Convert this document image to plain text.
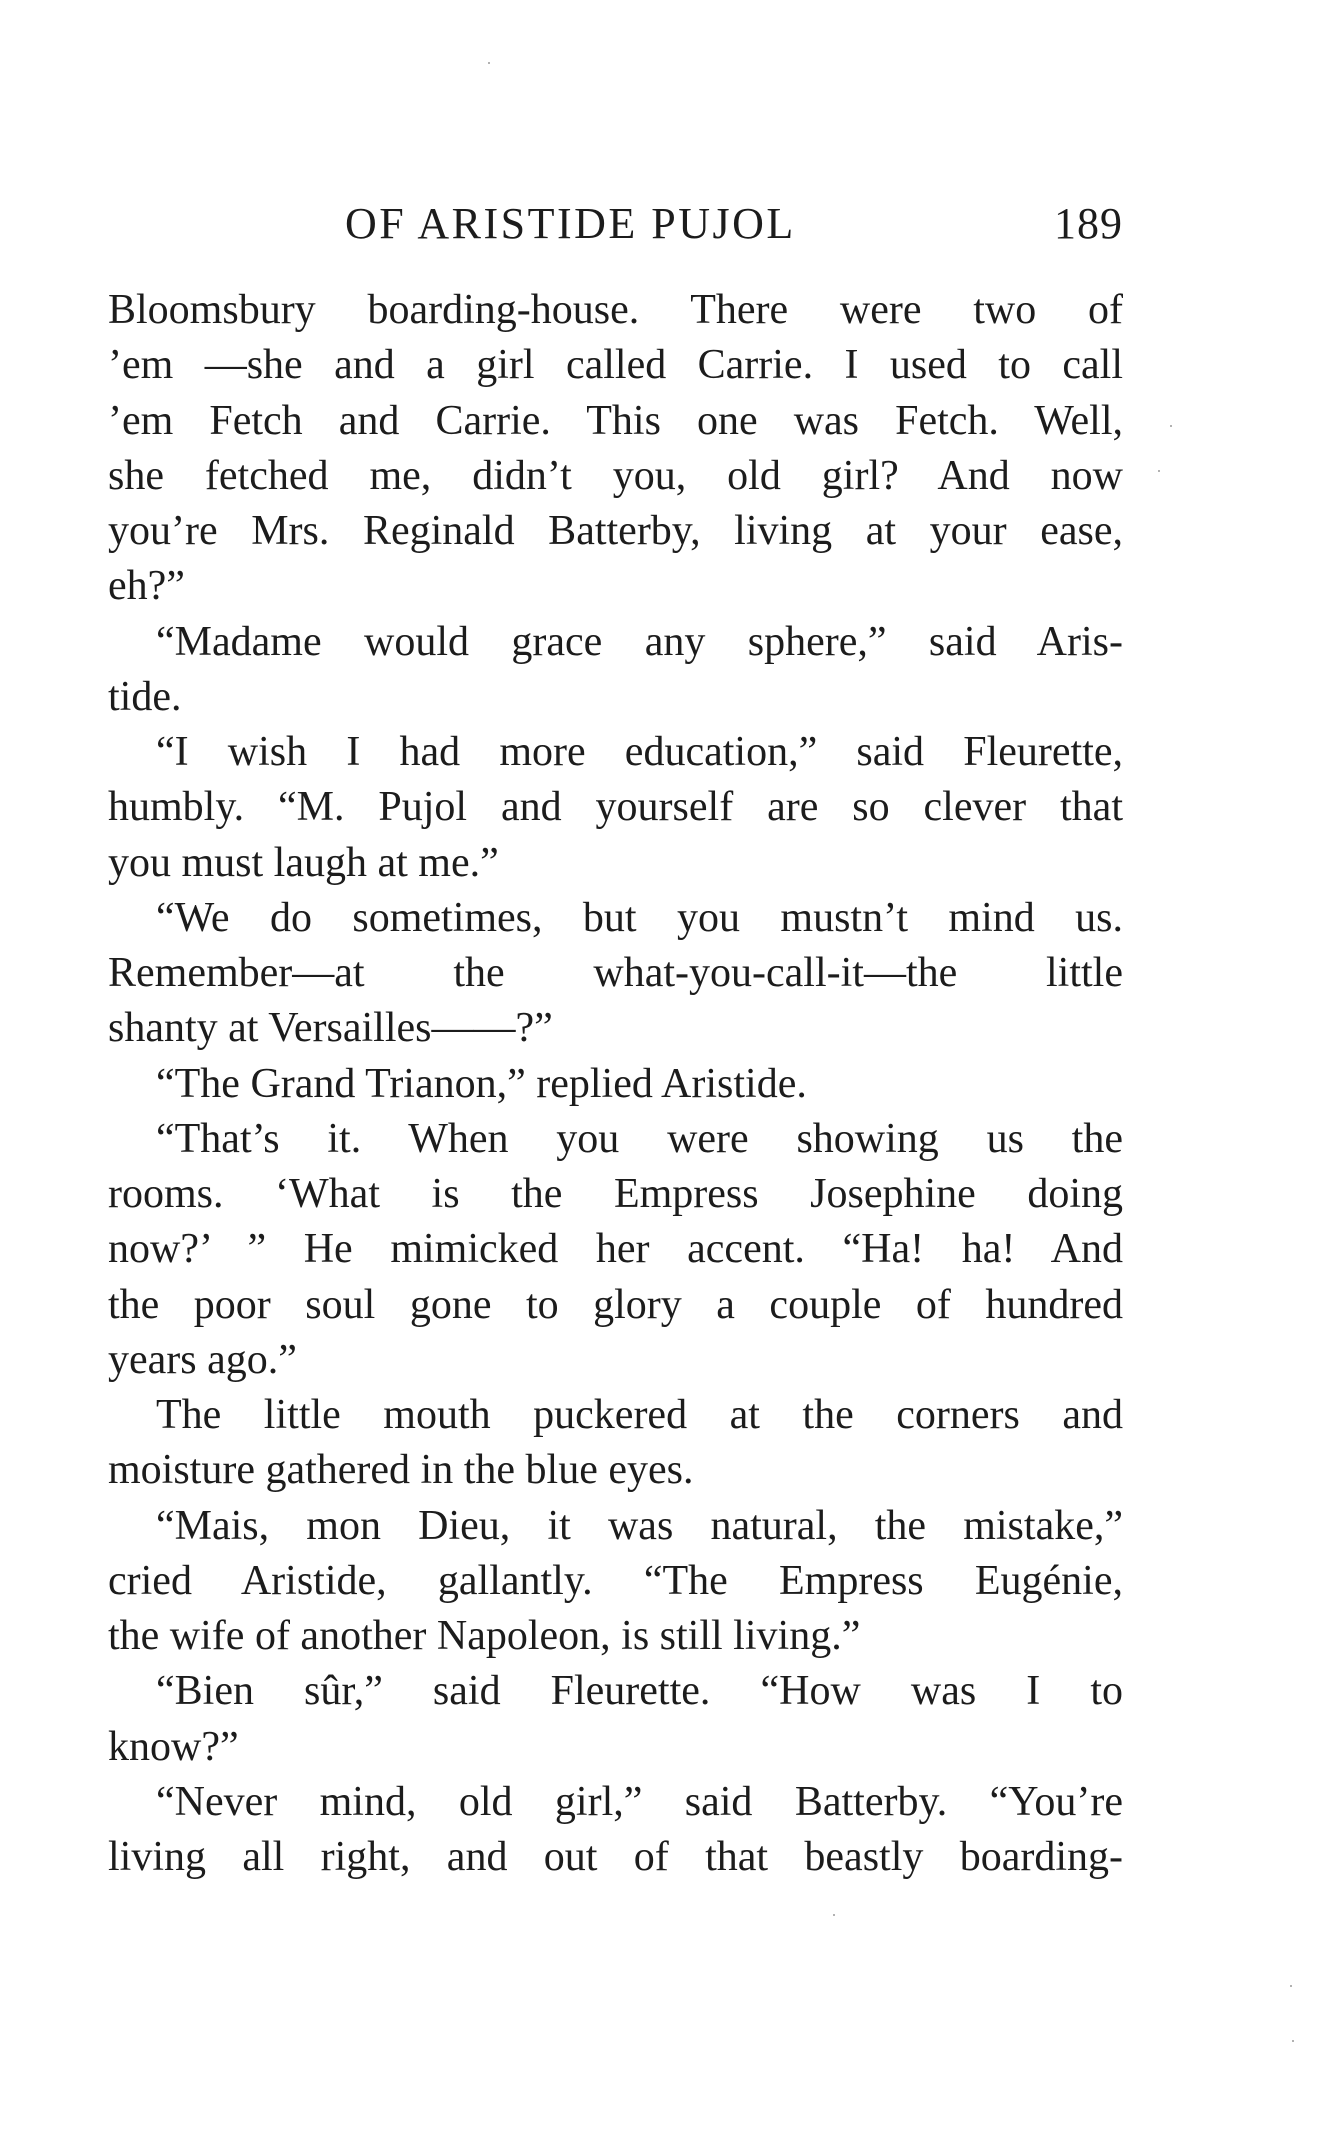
OF ARISTIDE PUJOL	189
Bloomsbury boarding-house. There were two of
’em —she and a girl called Carrie. I used to call
’em Fetch and Carrie. This one was Fetch. Well,
she fetched me, didn’t you, old girl? And now
you’re Mrs. Reginald Batterby, living at your ease,
eh?”
“Madame would grace any sphere,” said Aris-
tide.
“I wish I had more education,” said Fleurette,
humbly. “M. Pujol and yourself are so clever that
you must laugh at me.”
“We do sometimes, but you mustn’t mind us.
Remember—at the what-you-call-it—the little
shanty at Versailles——?”
“The Grand Trianon,” replied Aristide.
“That’s it. When you were showing us the
rooms. ‘What is the Empress Josephine doing
now?’ ” He mimicked her accent. “Ha! ha! And
the poor soul gone to glory a couple of hundred
years ago.”
The little mouth puckered at the corners and
moisture gathered in the blue eyes.
“Mais, mon Dieu, it was natural, the mistake,”
cried Aristide, gallantly. “The Empress Eugénie,
the wife of another Napoleon, is still living.”
“Bien sûr,” said Fleurette. “How was I to
know?”
“Never mind, old girl,” said Batterby. “You’re
living all right, and out of that beastly boarding-
